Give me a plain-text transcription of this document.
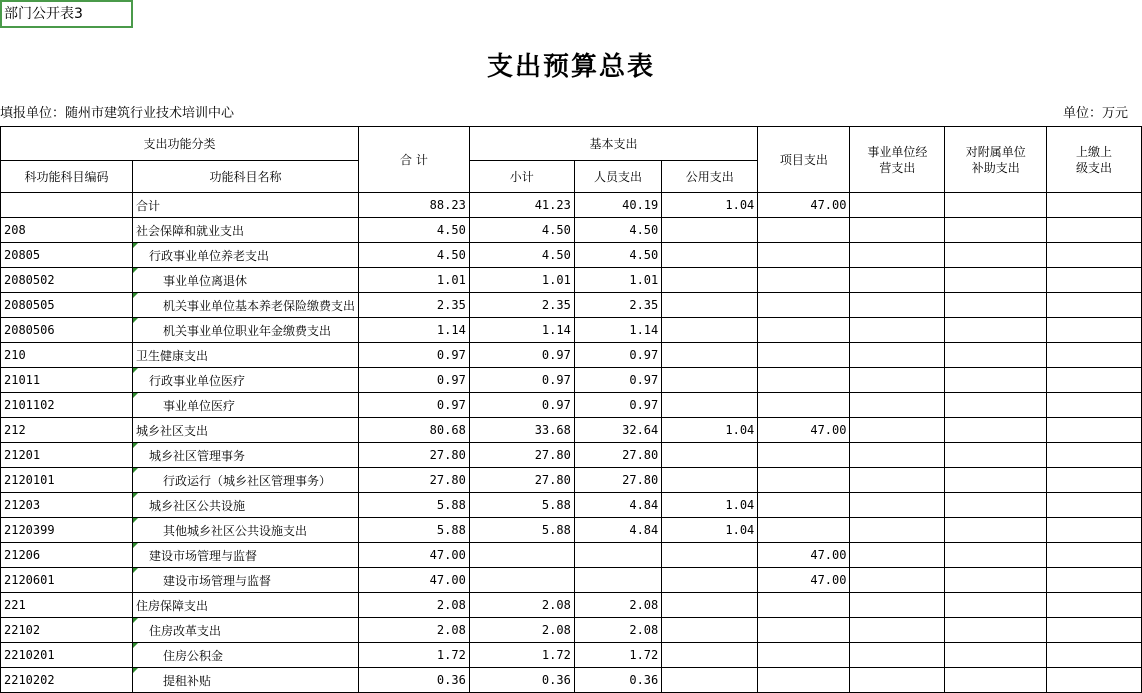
部门公开表3
支出预算总表
填报单位：随州市建筑行业技术培训中心	单位：万元
支出功能分类		合 计	基本支出			项目支出	事业单位经营支出	对附属单位补助支出	上缴上级支出

科功能科目编码	功能科目名称		小计	人员支出	公用支出				
	合计	88.23	41.23	40.19	1.04	47.00			
208	社会保障和就业支出	4.50	4.50	4.50					
20805	行政事业单位养老支出	4.50	4.50	4.50					
2080502	事业单位离退休	1.01	1.01	1.01					
2080505	机关事业单位基本养老保险缴费支出	2.35	2.35	2.35					
2080506	机关事业单位职业年金缴费支出	1.14	1.14	1.14					
210	卫生健康支出	0.97	0.97	0.97					
21011	行政事业单位医疗	0.97	0.97	0.97					
2101102	事业单位医疗	0.97	0.97	0.97					
212	城乡社区支出	80.68	33.68	32.64	1.04	47.00			
21201	城乡社区管理事务	27.80	27.80	27.80					
2120101	行政运行（城乡社区管理事务）	27.80	27.80	27.80					
21203	城乡社区公共设施	5.88	5.88	4.84	1.04				
2120399	其他城乡社区公共设施支出	5.88	5.88	4.84	1.04				
21206	建设市场管理与监督	47.00				47.00			
2120601	建设市场管理与监督	47.00				47.00			
221	住房保障支出	2.08	2.08	2.08					
22102	住房改革支出	2.08	2.08	2.08					
2210201	住房公积金	1.72	1.72	1.72					
2210202	提租补贴	0.36	0.36	0.36					
